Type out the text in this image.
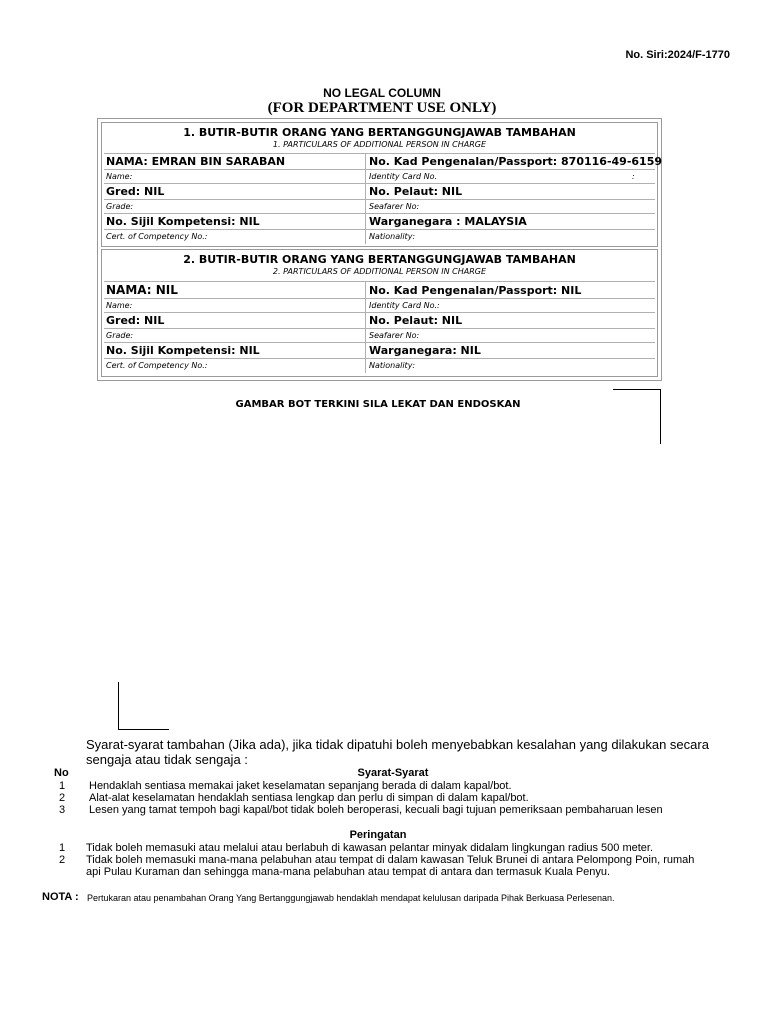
No. Siri:2024/F-1770
NO LEGAL COLUMN
(FOR DEPARTMENT USE ONLY)
1. BUTIR-BUTIR ORANG YANG BERTANGGUNGJAWAB TAMBAHAN
1. PARTICULARS OF ADDITIONAL PERSON IN CHARGE
NAMA: EMRAN BIN SARABAN	No. Kad Pengenalan/Passport: 870116-49-6159
Name:	Identity Card No.	:
Gred: NIL	No. Pelaut: NIL
Grade:	Seafarer No:
No. Sijil Kompetensi: NIL	Warganegara : MALAYSIA
Cert. of Competency No.:	Nationality:
2. BUTIR-BUTIR ORANG YANG BERTANGGUNGJAWAB TAMBAHAN
2. PARTICULARS OF ADDITIONAL PERSON IN CHARGE
NAMA: NIL	No. Kad Pengenalan/Passport: NIL
Name:	Identity Card No.:
Gred: NIL	No. Pelaut: NIL
Grade:	Seafarer No:
No. Sijil Kompetensi: NIL	Warganegara: NIL
Cert. of Competency No.:	Nationality:
GAMBAR BOT TERKINI SILA LEKAT DAN ENDOSKAN
Syarat-syarat tambahan (Jika ada), jika tidak dipatuhi boleh menyebabkan kesalahan yang dilakukan secara sengaja atau tidak sengaja :
No	Syarat-Syarat
1	Hendaklah sentiasa memakai jaket keselamatan sepanjang berada di dalam kapal/bot.
2	Alat-alat keselamatan hendaklah sentiasa lengkap dan perlu di simpan di dalam kapal/bot.
3	Lesen yang tamat tempoh bagi kapal/bot tidak boleh beroperasi, kecuali bagi tujuan pemeriksaan pembaharuan lesen
Peringatan
1	Tidak boleh memasuki atau melalui atau berlabuh di kawasan pelantar minyak didalam lingkungan radius 500 meter.
2	Tidak boleh memasuki mana-mana pelabuhan atau tempat di dalam kawasan Teluk Brunei di antara Pelompong Poin, rumah api Pulau Kuraman dan sehingga mana-mana pelabuhan atau tempat di antara dan termasuk Kuala Penyu.
NOTA : Pertukaran atau penambahan Orang Yang Bertanggungjawab hendaklah mendapat kelulusan daripada Pihak Berkuasa Perlesenan.
